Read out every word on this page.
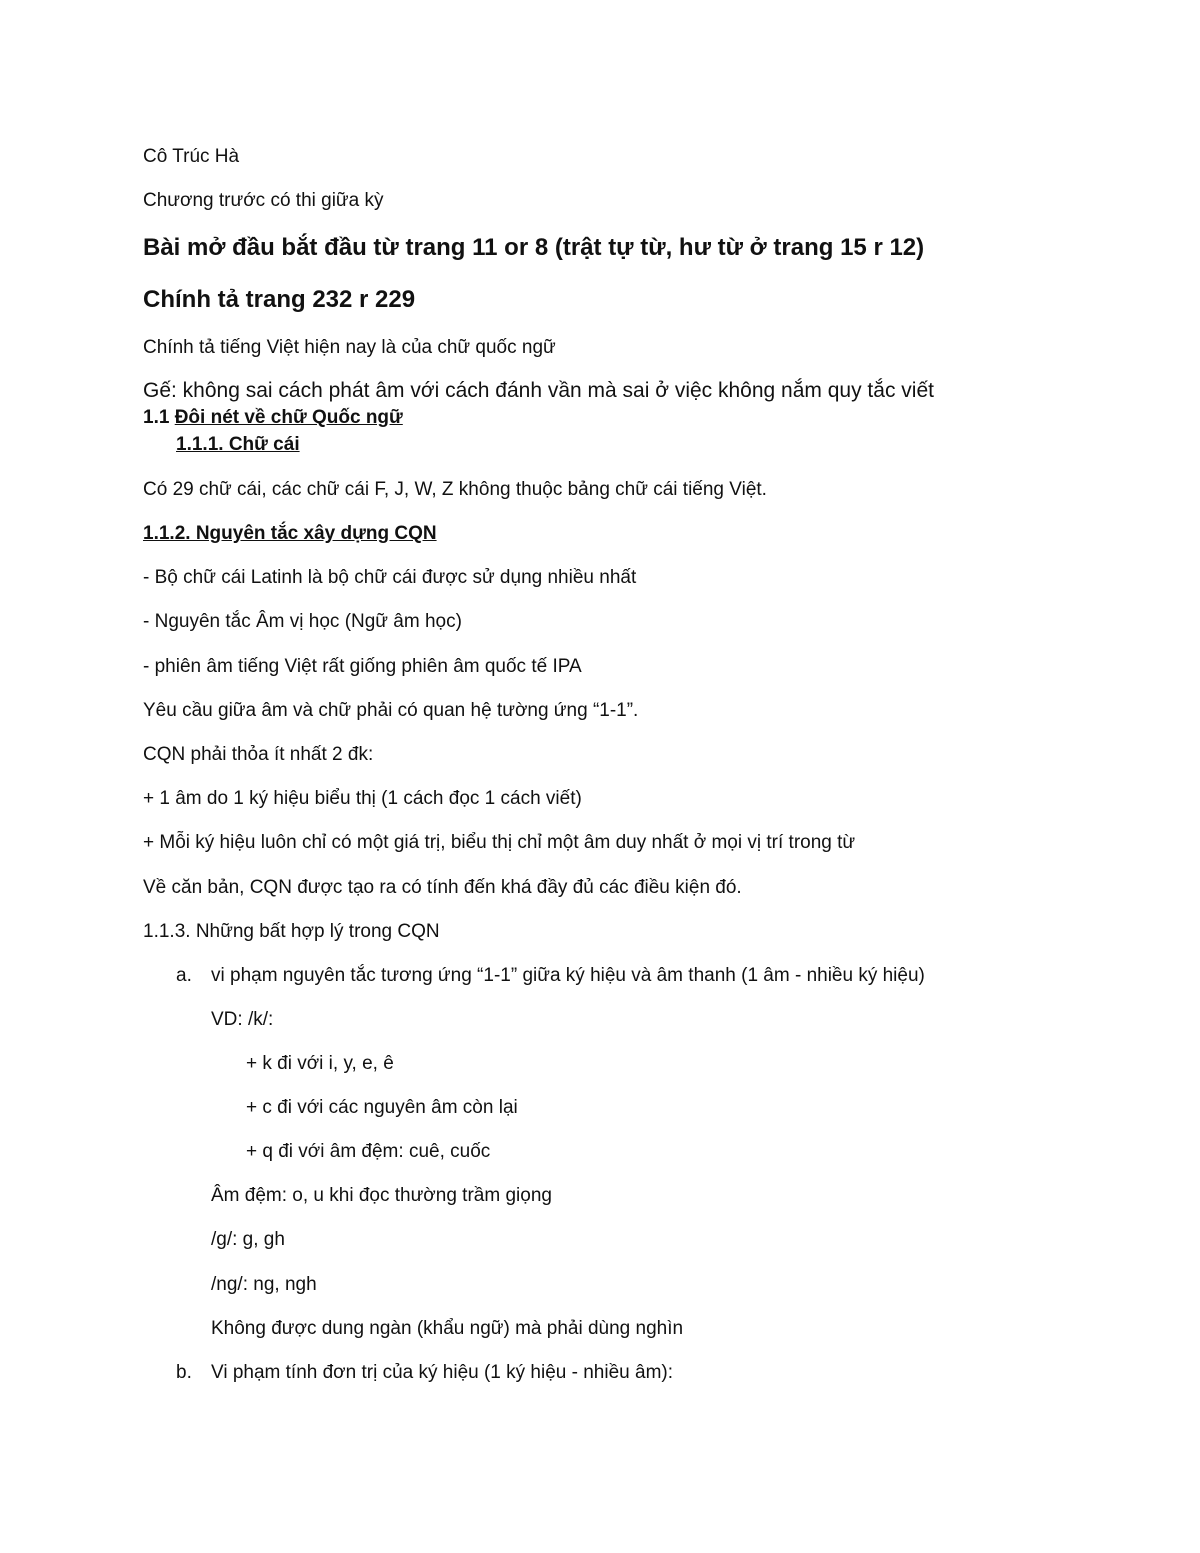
Cô Trúc Hà
Chương trước có thi giữa kỳ
Bài mở đầu bắt đầu từ trang 11 or 8 (trật tự từ, hư từ ở trang 15 r 12)
Chính tả trang 232 r 229
Chính tả tiếng Việt hiện nay là của chữ quốc ngữ
Gế: không sai cách phát âm với cách đánh vần mà sai ở việc không nắm quy tắc viết
1.1 Đôi nét về chữ Quốc ngữ
1.1.1. Chữ cái
Có 29 chữ cái, các chữ cái F, J, W, Z không thuộc bảng chữ cái tiếng Việt.
1.1.2. Nguyên tắc xây dựng CQN
- Bộ chữ cái Latinh là bộ chữ cái được sử dụng nhiều nhất
- Nguyên tắc Âm vị học (Ngữ âm học)
- phiên âm tiếng Việt rất giống phiên âm quốc tế IPA
Yêu cầu giữa âm và chữ phải có quan hệ tường ứng “1-1”.
CQN phải thỏa ít nhất 2 đk:
+ 1 âm do 1 ký hiệu biểu thị (1 cách đọc 1 cách viết)
+ Mỗi ký hiệu luôn chỉ có một giá trị, biểu thị chỉ một âm duy nhất ở mọi vị trí trong từ
Về căn bản, CQN được tạo ra có tính đến khá đầy đủ các điều kiện đó.
1.1.3. Những bất hợp lý trong CQN
a. vi phạm nguyên tắc tương ứng “1-1” giữa ký hiệu và âm thanh (1 âm - nhiều ký hiệu)
VD: /k/:
+ k đi với i, y, e, ê
+ c đi với các nguyên âm còn lại
+ q đi với âm đệm: cuê, cuốc
Âm đệm: o, u khi đọc thường trầm giọng
/g/: g, gh
/ng/: ng, ngh
Không được dung ngàn (khẩu ngữ) mà phải dùng nghìn
b. Vi phạm tính đơn trị của ký hiệu (1 ký hiệu - nhiều âm):
